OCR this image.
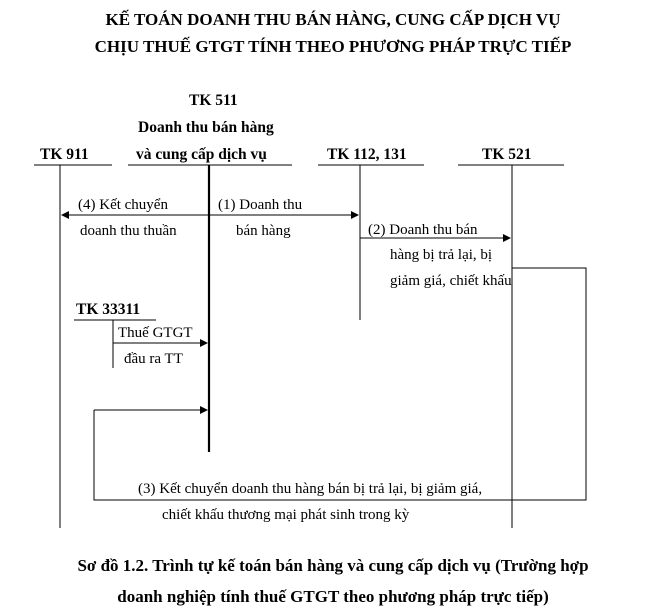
KẾ TOÁN DOANH THU BÁN HÀNG, CUNG CẤP DỊCH VỤ
CHỊU THUẾ GTGT TÍNH THEO PHƯƠNG PHÁP TRỰC TIẾP
TK 511
Doanh thu bán hàng
và cung cấp dịch vụ
TK 911	TK 112, 131	TK 521
TK 33311
(4) Kết chuyển
doanh thu thuần
(1) Doanh thu
bán hàng	(2) Doanh thu bán
hàng bị trả lại, bị
giảm giá, chiết khấu
Thuế GTGT
đầu ra TT
(3) Kết chuyển doanh thu hàng bán bị trả lại, bị giảm giá,
chiết khấu thương mại phát sinh trong kỳ
Sơ đồ 1.2. Trình tự kế toán bán hàng và cung cấp dịch vụ (Trường hợp
doanh nghiệp tính thuế GTGT theo phương pháp trực tiếp)
